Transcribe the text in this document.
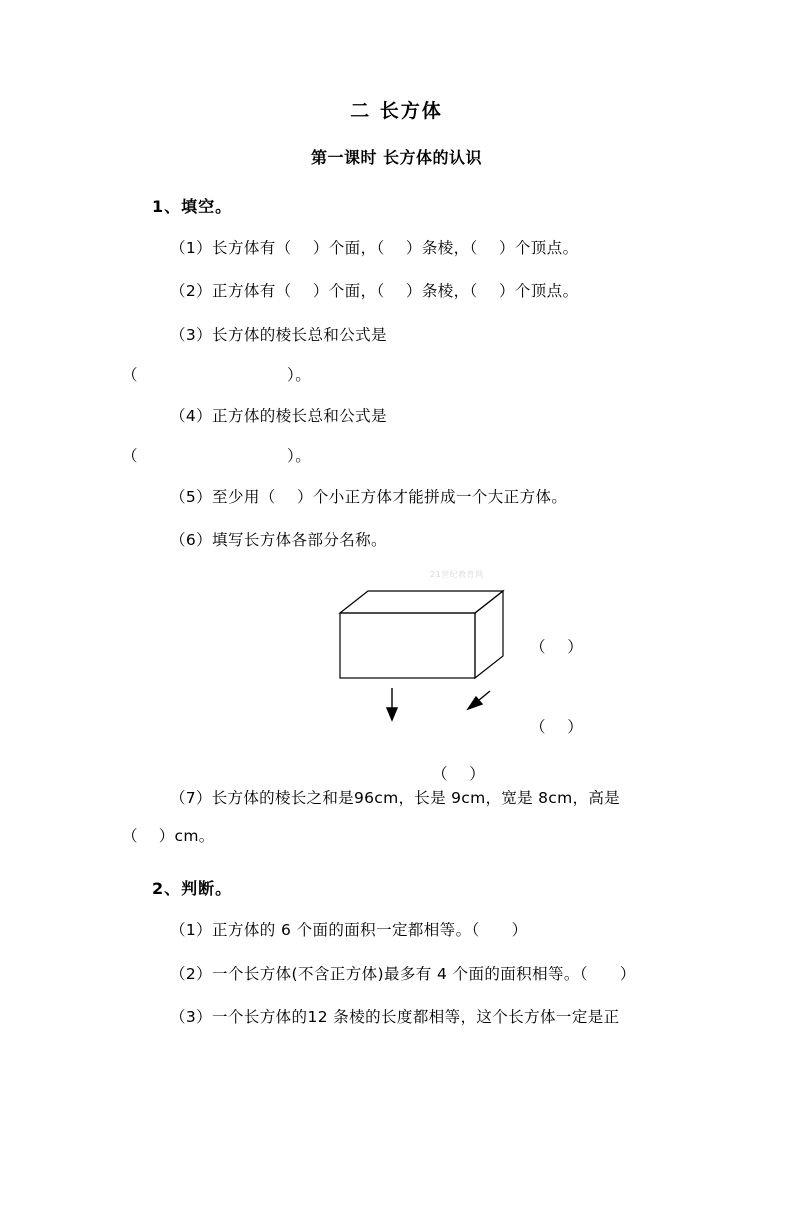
二 长方体
第一课时 长方体的认识
1、填空。
（1）长方体有（    ）个面，（    ）条棱，（    ）个顶点。
（2）正方体有（    ）个面，（    ）条棱，（    ）个顶点。
（3）长方体的棱长总和公式是
（                            ）。
（4）正方体的棱长总和公式是
（                            ）。
（5）至少用（    ）个小正方体才能拼成一个大正方体。
（6）填写长方体各部分名称。
21世纪教育网
（    ）
（    ）
（    ）
（7）长方体的棱长之和是96cm，长是 9cm，宽是 8cm，高是
（    ）cm。
2、判断。
（1）正方体的 6 个面的面积一定都相等。（      ）
（2）一个长方体(不含正方体)最多有 4 个面的面积相等。（      ）
（3）一个长方体的12 条棱的长度都相等，这个长方体一定是正
